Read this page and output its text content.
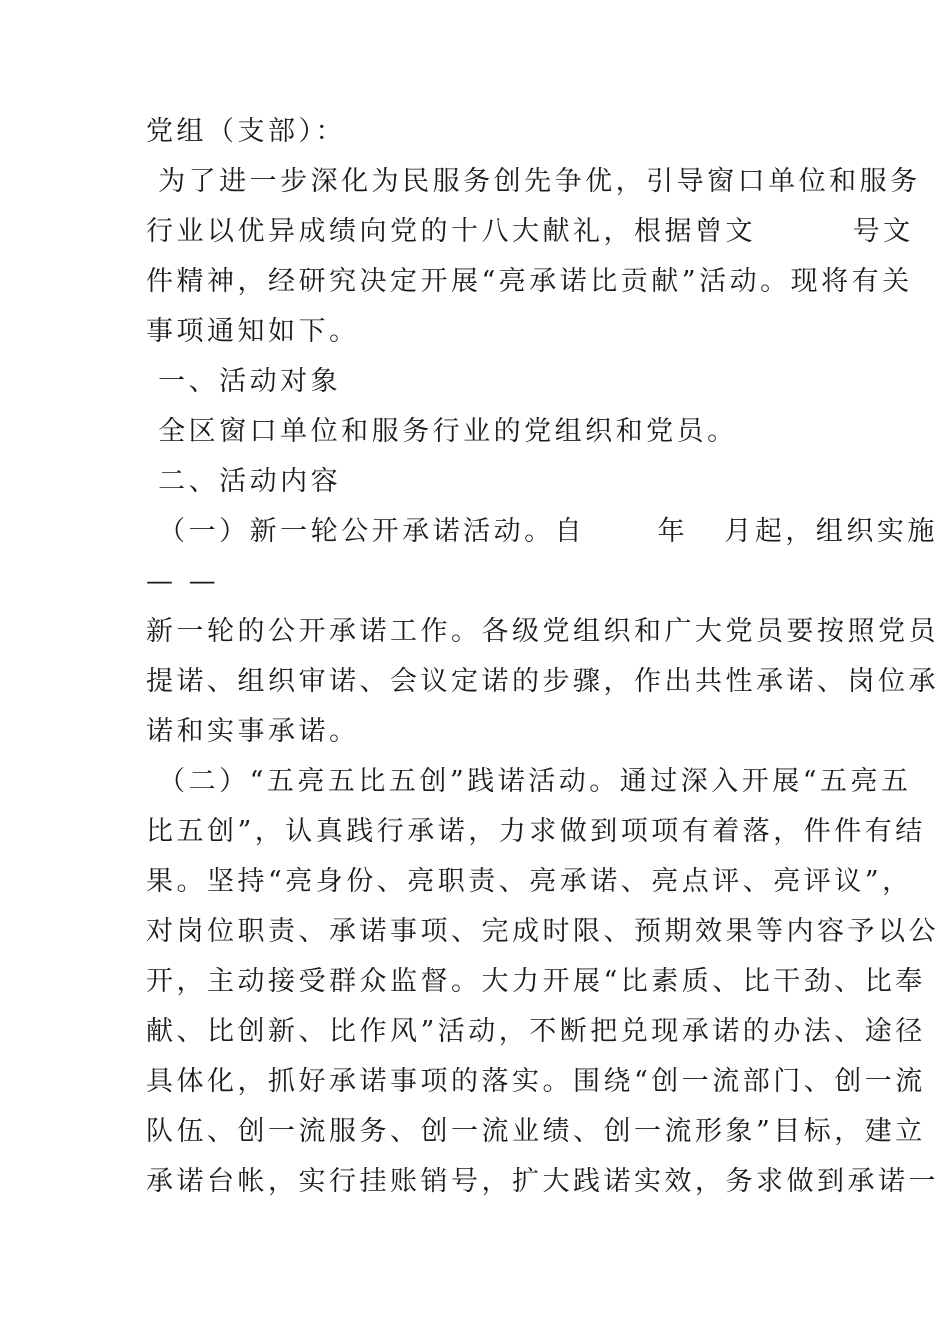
党组（支部）：
为了进一步深化为民服务创先争优，引导窗口单位和服务
行业以优异成绩向党的十八大献礼，根据曾文        号文
件精神，经研究决定开展“亮承诺比贡献”活动。现将有关
事项通知如下。
一、活动对象
全区窗口单位和服务行业的党组织和党员。
二、活动内容
（一）新一轮公开承诺活动。自      年   月起，组织实施
— —
新一轮的公开承诺工作。各级党组织和广大党员要按照党员
提诺、组织审诺、会议定诺的步骤，作出共性承诺、岗位承
诺和实事承诺。
（二）“五亮五比五创”践诺活动。通过深入开展“五亮五
比五创”，认真践行承诺，力求做到项项有着落，件件有结
果。坚持“亮身份、亮职责、亮承诺、亮点评、亮评议”，
对岗位职责、承诺事项、完成时限、预期效果等内容予以公
开，主动接受群众监督。大力开展“比素质、比干劲、比奉
献、比创新、比作风”活动，不断把兑现承诺的办法、途径
具体化，抓好承诺事项的落实。围绕“创一流部门、创一流
队伍、创一流服务、创一流业绩、创一流形象”目标，建立
承诺台帐，实行挂账销号，扩大践诺实效，务求做到承诺一
